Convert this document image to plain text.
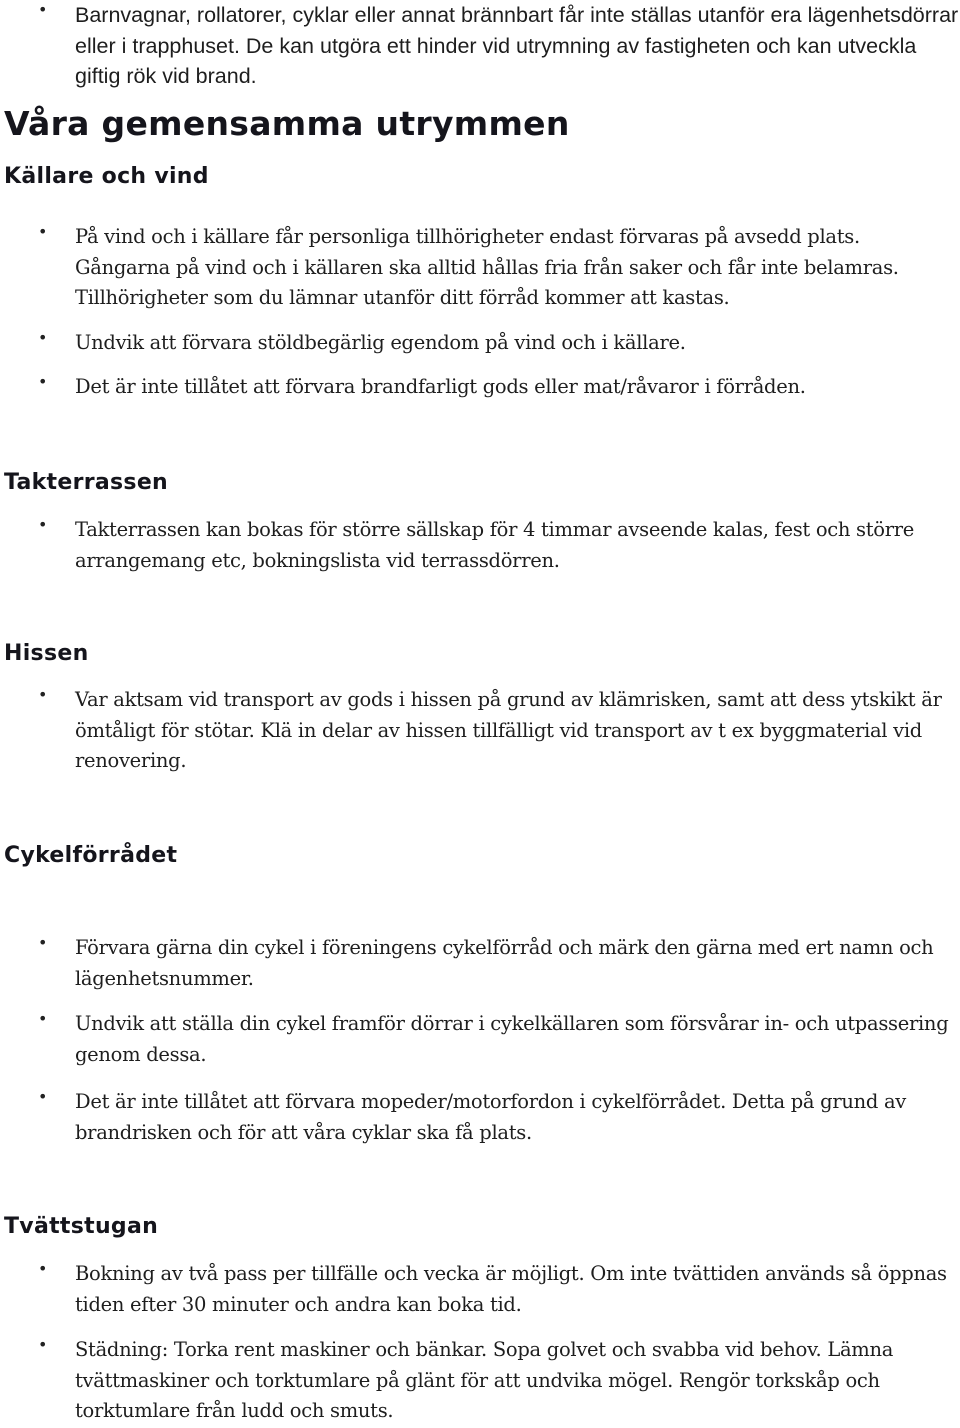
• Barnvagnar, rollatorer, cyklar eller annat brännbart får inte ställas utanför era lägenhetsdörrar eller i trapphuset. De kan utgöra ett hinder vid utrymning av fastigheten och kan utveckla giftig rök vid brand.
Våra gemensamma utrymmen
Källare och vind
• På vind och i källare får personliga tillhörigheter endast förvaras på avsedd plats. Gångarna på vind och i källaren ska alltid hållas fria från saker och får inte belamras. Tillhörigheter som du lämnar utanför ditt förråd kommer att kastas.
• Undvik att förvara stöldbegärlig egendom på vind och i källare.
• Det är inte tillåtet att förvara brandfarligt gods eller mat/råvaror i förråden.
Takterrassen
• Takterrassen kan bokas för större sällskap för 4 timmar avseende kalas, fest och större arrangemang etc, bokningslista vid terrassdörren.
Hissen
• Var aktsam vid transport av gods i hissen på grund av klämrisken, samt att dess ytskikt är ömtåligt för stötar. Klä in delar av hissen tillfälligt vid transport av t ex byggmaterial vid renovering.
Cykelförrådet
• Förvara gärna din cykel i föreningens cykelförråd och märk den gärna med ert namn och lägenhetsnummer.
• Undvik att ställa din cykel framför dörrar i cykelkällaren som försvårar in- och utpassering genom dessa.
• Det är inte tillåtet att förvara mopeder/motorfordon i cykelförrådet. Detta på grund av brandrisken och för att våra cyklar ska få plats.
Tvättstugan
• Bokning av två pass per tillfälle och vecka är möjligt. Om inte tvättiden används så öppnas tiden efter 30 minuter och andra kan boka tid.
• Städning: Torka rent maskiner och bänkar. Sopa golvet och svabba vid behov. Lämna tvättmaskiner och torktumlare på glänt för att undvika mögel. Rengör torkskåp och torktumlare från ludd och smuts.
